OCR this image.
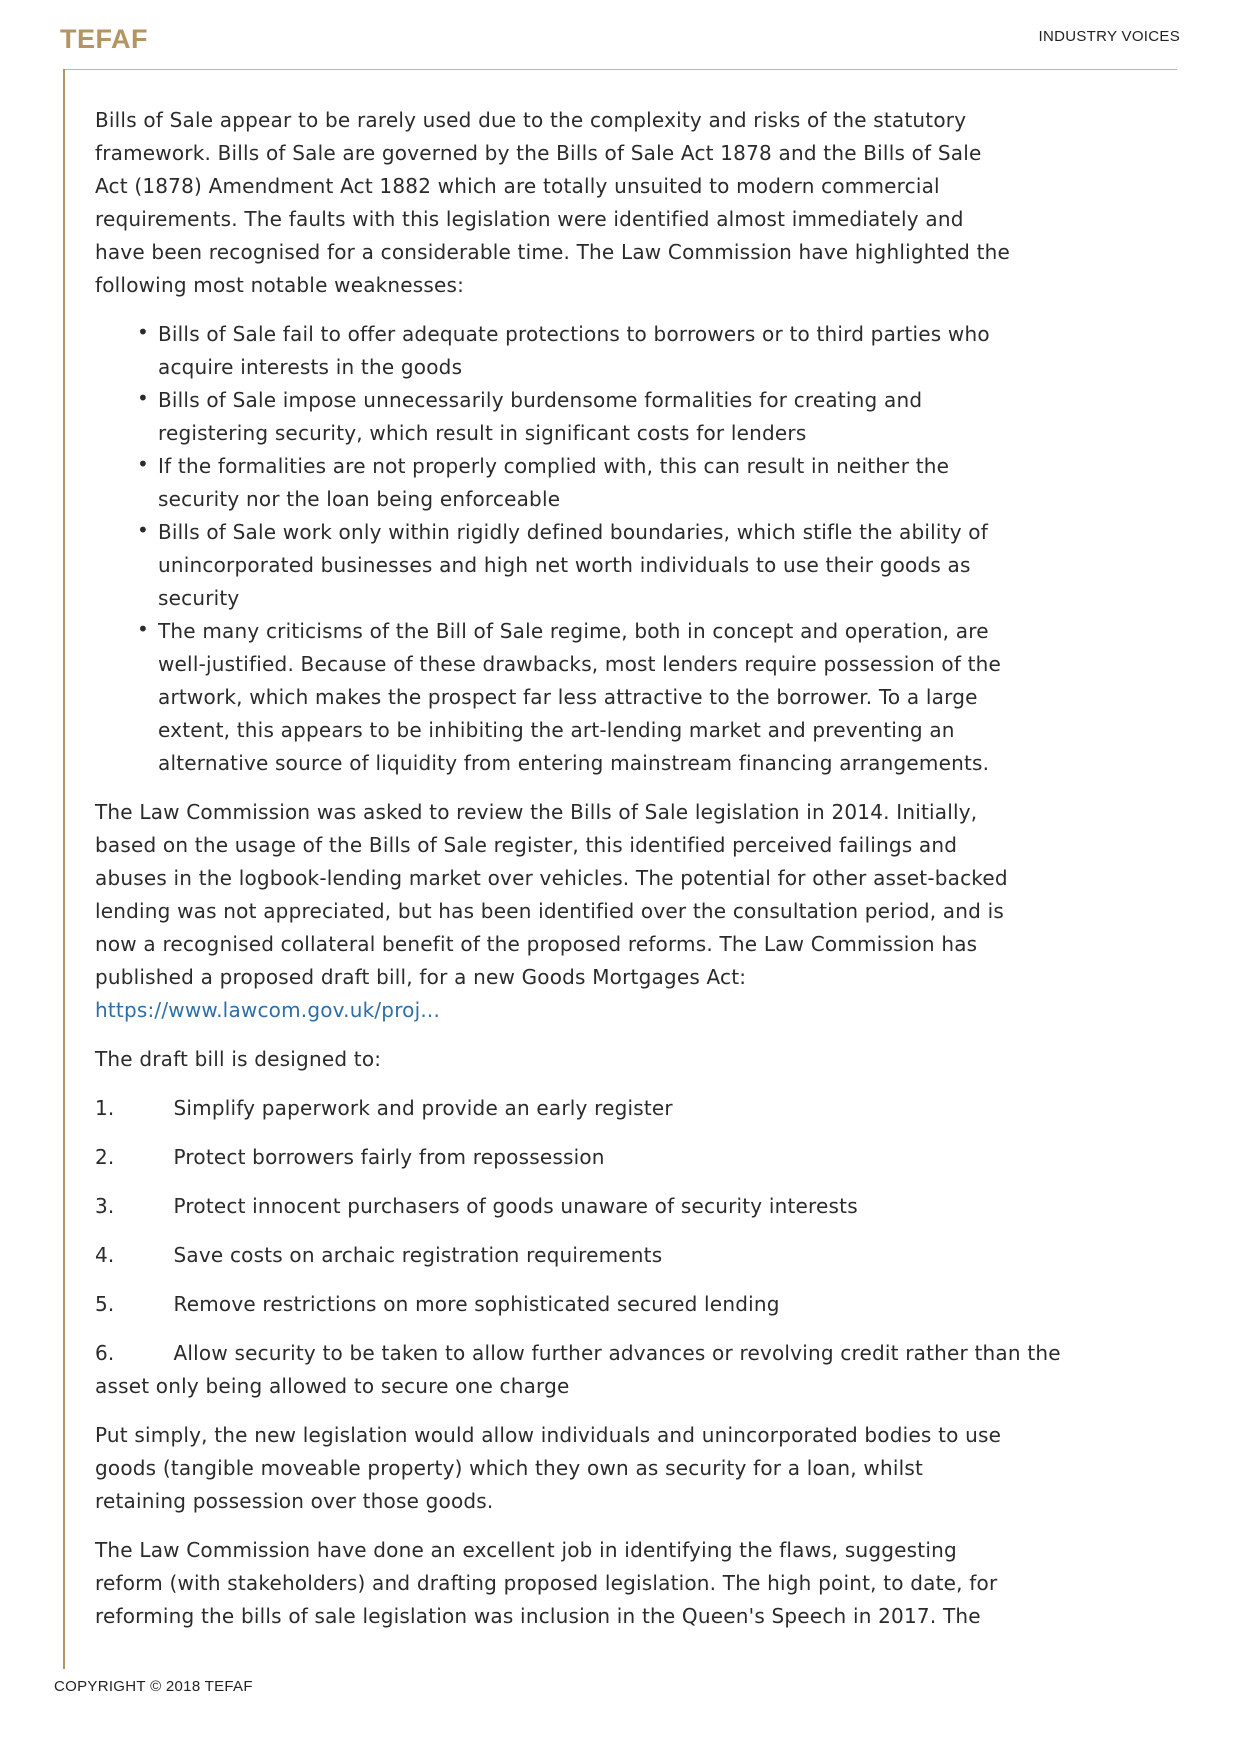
TEFAF	INDUSTRY VOICES

Bills of Sale appear to be rarely used due to the complexity and risks of the statutory framework. Bills of Sale are governed by the Bills of Sale Act 1878 and the Bills of Sale Act (1878) Amendment Act 1882 which are totally unsuited to modern commercial requirements. The faults with this legislation were identified almost immediately and have been recognised for a considerable time. The Law Commission have highlighted the following most notable weaknesses:

• Bills of Sale fail to offer adequate protections to borrowers or to third parties who acquire interests in the goods
• Bills of Sale impose unnecessarily burdensome formalities for creating and registering security, which result in significant costs for lenders
• If the formalities are not properly complied with, this can result in neither the security nor the loan being enforceable
• Bills of Sale work only within rigidly defined boundaries, which stifle the ability of unincorporated businesses and high net worth individuals to use their goods as security
• The many criticisms of the Bill of Sale regime, both in concept and operation, are well-justified. Because of these drawbacks, most lenders require possession of the artwork, which makes the prospect far less attractive to the borrower. To a large extent, this appears to be inhibiting the art-lending market and preventing an alternative source of liquidity from entering mainstream financing arrangements.

The Law Commission was asked to review the Bills of Sale legislation in 2014. Initially, based on the usage of the Bills of Sale register, this identified perceived failings and abuses in the logbook-lending market over vehicles. The potential for other asset-backed lending was not appreciated, but has been identified over the consultation period, and is now a recognised collateral benefit of the proposed reforms. The Law Commission has published a proposed draft bill, for a new Goods Mortgages Act:
https://www.lawcom.gov.uk/proj...

The draft bill is designed to:

1.         Simplify paperwork and provide an early register

2.         Protect borrowers fairly from repossession

3.         Protect innocent purchasers of goods unaware of security interests

4.         Save costs on archaic registration requirements

5.         Remove restrictions on more sophisticated secured lending

6.         Allow security to be taken to allow further advances or revolving credit rather than the asset only being allowed to secure one charge

Put simply, the new legislation would allow individuals and unincorporated bodies to use goods (tangible moveable property) which they own as security for a loan, whilst retaining possession over those goods.

The Law Commission have done an excellent job in identifying the flaws, suggesting reform (with stakeholders) and drafting proposed legislation. The high point, to date, for reforming the bills of sale legislation was inclusion in the Queen's Speech in 2017. The

COPYRIGHT © 2018 TEFAF
